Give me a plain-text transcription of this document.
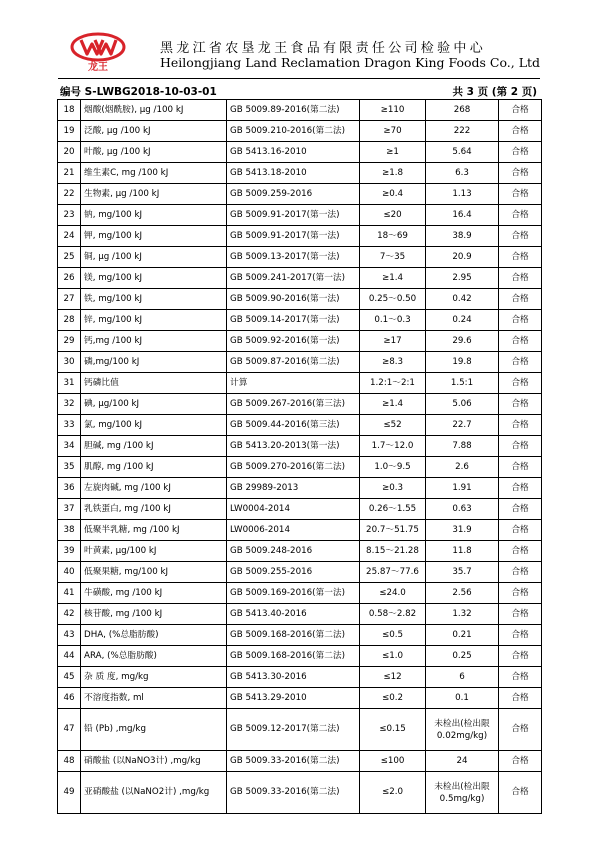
龙王
黑龙江省农垦龙王食品有限责任公司检验中心
Heilongjiang Land Reclamation Dragon King Foods Co., Ltd
编号 S-LWBG2018-10-03-01	共 3 页 (第 2 页)
18	烟酸(烟酰胺), μg /100 kJ	GB 5009.89-2016(第二法)	≥110	268	合格
19	泛酸, μg /100 kJ	GB 5009.210-2016(第二法)	≥70	222	合格
20	叶酸, μg /100 kJ	GB 5413.16-2010	≥1	5.64	合格
21	维生素C, mg /100 kJ	GB 5413.18-2010	≥1.8	6.3	合格
22	生物素, μg /100 kJ	GB 5009.259-2016	≥0.4	1.13	合格
23	钠, mg/100 kJ	GB 5009.91-2017(第一法)	≤20	16.4	合格
24	钾, mg/100 kJ	GB 5009.91-2017(第一法)	18～69	38.9	合格
25	铜, μg /100 kJ	GB 5009.13-2017(第一法)	7～35	20.9	合格
26	镁, mg/100 kJ	GB 5009.241-2017(第一法)	≥1.4	2.95	合格
27	铁, mg/100 kJ	GB 5009.90-2016(第一法)	0.25～0.50	0.42	合格
28	锌, mg/100 kJ	GB 5009.14-2017(第一法)	0.1～0.3	0.24	合格
29	钙,mg /100 kJ	GB 5009.92-2016(第一法)	≥17	29.6	合格
30	磷,mg/100 kJ	GB 5009.87-2016(第二法)	≥8.3	19.8	合格
31	钙磷比值	计算	1.2:1～2:1	1.5:1	合格
32	碘, μg/100 kJ	GB 5009.267-2016(第三法)	≥1.4	5.06	合格
33	氯, mg/100 kJ	GB 5009.44-2016(第三法)	≤52	22.7	合格
34	胆碱, mg /100 kJ	GB 5413.20-2013(第一法)	1.7～12.0	7.88	合格
35	肌醇, mg /100 kJ	GB 5009.270-2016(第二法)	1.0～9.5	2.6	合格
36	左旋肉碱, mg /100 kJ	GB 29989-2013	≥0.3	1.91	合格
37	乳铁蛋白, mg /100 kJ	LW0004-2014	0.26～1.55	0.63	合格
38	低聚半乳糖, mg /100 kJ	LW0006-2014	20.7～51.75	31.9	合格
39	叶黄素, μg/100 kJ	GB 5009.248-2016	8.15～21.28	11.8	合格
40	低聚果糖, mg/100 kJ	GB 5009.255-2016	25.87～77.6	35.7	合格
41	牛磺酸, mg /100 kJ	GB 5009.169-2016(第一法)	≤24.0	2.56	合格
42	核苷酸, mg /100 kJ	GB 5413.40-2016	0.58～2.82	1.32	合格
43	DHA, (%总脂肪酸)	GB 5009.168-2016(第二法)	≤0.5	0.21	合格
44	ARA, (%总脂肪酸)	GB 5009.168-2016(第二法)	≤1.0	0.25	合格
45	杂 质 度, mg/kg	GB 5413.30-2016	≤12	6	合格
46	不溶度指数, ml	GB 5413.29-2010	≤0.2	0.1	合格
47	铅 (Pb) ,mg/kg	GB 5009.12-2017(第二法)	≤0.15	未检出(检出限 0.02mg/kg)	合格
48	硝酸盐 (以NaNO3计) ,mg/kg	GB 5009.33-2016(第二法)	≤100	24	合格
49	亚硝酸盐 (以NaNO2计) ,mg/kg	GB 5009.33-2016(第二法)	≤2.0	未检出(检出限 0.5mg/kg)	合格
